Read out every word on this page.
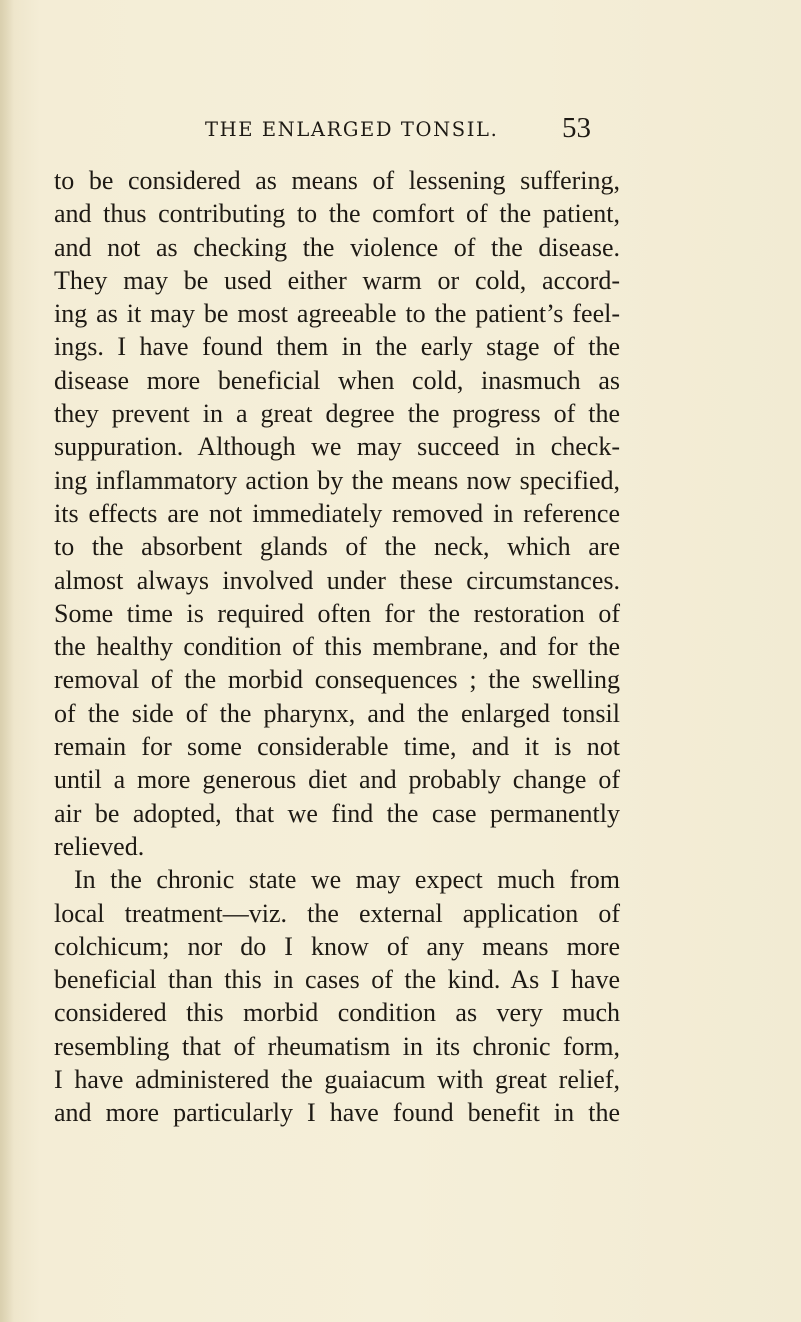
THE ENLARGED TONSIL. 53
to be considered as means of lessening suffering,
and thus contributing to the comfort of the patient,
and not as checking the violence of the disease.
They may be used either warm or cold, accord-
ing as it may be most agreeable to the patient’s feel-
ings. I have found them in the early stage of the
disease more beneficial when cold, inasmuch as
they prevent in a great degree the progress of the
suppuration. Although we may succeed in check-
ing inflammatory action by the means now specified,
its effects are not immediately removed in reference
to the absorbent glands of the neck, which are
almost always involved under these circumstances.
Some time is required often for the restoration of
the healthy condition of this membrane, and for the
removal of the morbid consequences ; the swelling
of the side of the pharynx, and the enlarged tonsil
remain for some considerable time, and it is not
until a more generous diet and probably change of
air be adopted, that we find the case permanently
relieved.
In the chronic state we may expect much from
local treatment—viz. the external application of
colchicum; nor do I know of any means more
beneficial than this in cases of the kind. As I have
considered this morbid condition as very much
resembling that of rheumatism in its chronic form,
I have administered the guaiacum with great relief,
and more particularly I have found benefit in the
